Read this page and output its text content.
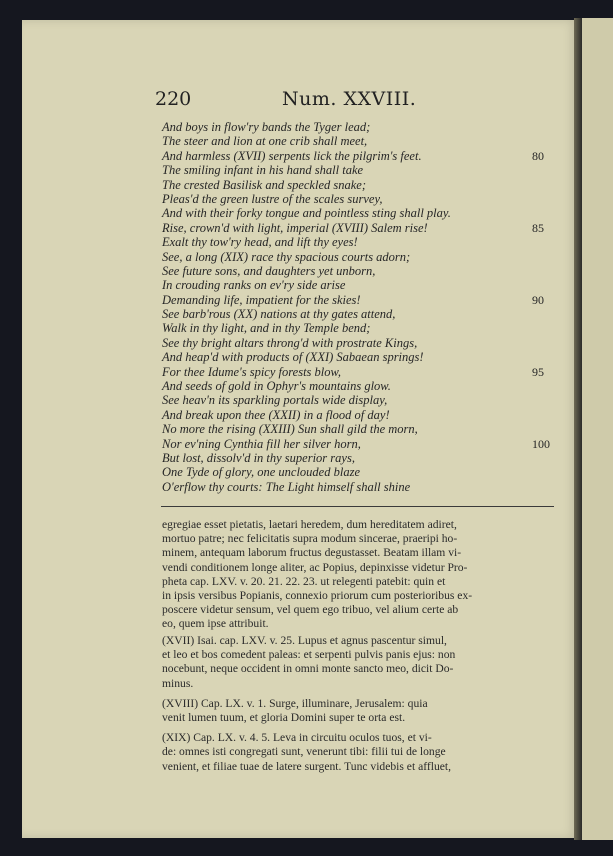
220	Num. XXVIII.
And boys in flow'ry bands the Tyger lead;
The steer and lion at one crib shall meet,
And harmless (XVII) serpents lick the pilgrim's feet.	80
The smiling infant in his hand shall take
The crested Basilisk and speckled snake;
Pleas'd the green lustre of the scales survey,
And with their forky tongue and pointless sting shall play.
Rise, crown'd with light, imperial (XVIII) Salem rise!	85
Exalt thy tow'ry head, and lift thy eyes!
See, a long (XIX) race thy spacious courts adorn;
See future sons, and daughters yet unborn,
In crouding ranks on ev'ry side arise
Demanding life, impatient for the skies!	90
See barb'rous (XX) nations at thy gates attend,
Walk in thy light, and in thy Temple bend;
See thy bright altars throng'd with prostrate Kings,
And heap'd with products of (XXI) Sabaean springs!
For thee Idume's spicy forests blow,	95
And seeds of gold in Ophyr's mountains glow.
See heav'n its sparkling portals wide display,
And break upon thee (XXII) in a flood of day!
No more the rising (XXIII) Sun shall gild the morn,
Nor ev'ning Cynthia fill her silver horn,	100
But lost, dissolv'd in thy superior rays,
One Tyde of glory, one unclouded blaze
O'erflow thy courts: The Light himself shall shine
egregiae esset pietatis, laetari heredem, dum hereditatem adiret,
mortuo patre; nec felicitatis supra modum sincerae, praeripi ho-
minem, antequam laborum fructus degustasset. Beatam illam vi-
vendi conditionem longe aliter, ac Popius, depinxisse videtur Pro-
pheta cap. LXV. v. 20. 21. 22. 23. ut relegenti patebit: quin et
in ipsis versibus Popianis, connexio priorum cum posterioribus ex-
poscere videtur sensum, vel quem ego tribuo, vel alium certe ab
eo, quem ipse attribuit.
(XVII) Isai. cap. LXV. v. 25. Lupus et agnus pascentur simul,
et leo et bos comedent paleas: et serpenti pulvis panis ejus: non
nocebunt, neque occident in omni monte sancto meo, dicit Do-
minus.
(XVIII) Cap. LX. v. 1. Surge, illuminare, Jerusalem: quia
venit lumen tuum, et gloria Domini super te orta est.
(XIX) Cap. LX. v. 4. 5. Leva in circuitu oculos tuos, et vi-
de: omnes isti congregati sunt, venerunt tibi: filii tui de longe
venient, et filiae tuae de latere surgent. Tunc videbis et affluet,
